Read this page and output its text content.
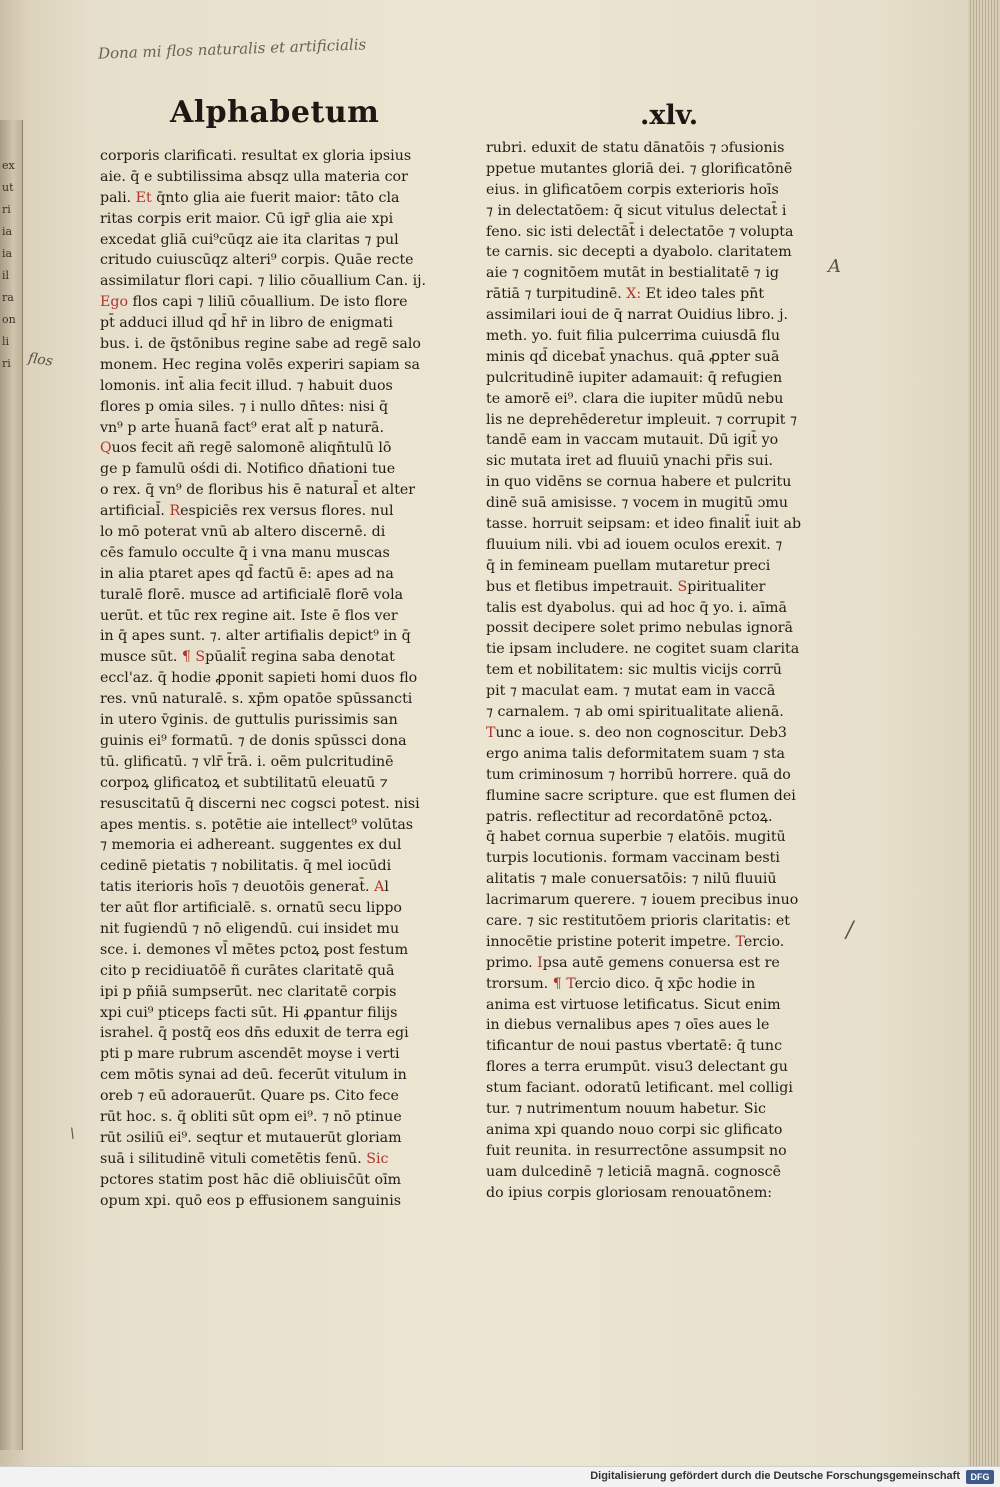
ex
ut
ri
ia
ia
il
ra
on
li
ri
Dona mi flos naturalis et artificialis
Alphabetum	.xlv.
corporis clarificati. resultat ex gloria ipsius
aie. q̄ e subtilissima absqz ulla materia cor
pali. Et q̄nto glia aie fuerit maior: tāto cla
ritas corpis erit maior. Cū igr̄ glia aie xpi
excedat gliā cui⁹cūqz aie ita claritas ⁊ pul
critudo cuiuscūqz alteri⁹ corpis. Quāe recte
assimilatur flori capi. ⁊ lilio cōuallium Can. ij.
Ego flos capi ⁊ liliū cōuallium. De isto flore
pt̄ adduci illud qd̄ hr̄ in libro de enigmati
bus. i. de q̄stōnibus regine sabe ad regē salo
monem. Hec regina volēs experiri sapiam sa
lomonis. int̄ alia fecit illud. ⁊ habuit duos
flores p omia siles. ⁊ i nullo dn̄tes: nisi q̄
vn⁹ p arte h̄uanā fact⁹ erat alt̄ p naturā.
Quos fecit añ regē salomonē aliqn̄tulū lō
ge p famulū ośdi di. Notifico dn̄ationi tue
o rex. q̄ vn⁹ de floribus his ē natural̄ et alter
artificial̄. Respiciēs rex versus flores. nul
lo mō poterat vnū ab altero discernē. di
cēs famulo occulte q̄ i vna manu muscas
in alia ptaret apes qd̄ factū ē: apes ad na
turalē florē. musce ad artificialē florē vola
uerūt. et tūc rex regine ait. Iste ē flos ver
in q̄ apes sunt. ⁊. alter artifialis depict⁹ in q̄
musce sūt. ¶ Spūalit̄ regina saba denotat
eccl'az. q̄ hodie ꝓponit sapieti homi duos flo
res. vnū naturalē. s. xp̄m opatōe spūssancti
in utero v̄ginis. de guttulis purissimis san
guinis ei⁹ formatū. ⁊ de donis spūssci dona
tū. glificatū. ⁊ vlr̄ t̄rā. i. oēm pulcritudinē
corpoꝝ glificatoꝝ et subtilitatū eleuatū ⁊
resuscitatū q̄ discerni nec cogsci potest. nisi
apes mentis. s. potētie aie intellect⁹ volūtas
⁊ memoria ei adhereant. suggentes ex dul
cedinē pietatis ⁊ nobilitatis. q̄ mel iocūdi
tatis iterioris hoīs ⁊ deuotōis generat̄. Al
ter aūt flor artificialē. s. ornatū secu lippo
nit fugiendū ⁊ nō eligendū. cui insidet mu
sce. i. demones vl̄ mētes pctoꝝ post festum
cito p recidiuatōē ñ curātes claritatē quā
ipi p pñiā sumpserūt. nec claritatē corpis
xpi cui⁹ pticeps facti sūt. Hi ꝓpantur filijs
israhel. q̄ postq̄ eos dn̄s eduxit de terra egi
pti p mare rubrum ascendēt moyse i verti
cem mōtis synai ad deū. fecerūt vitulum in
oreb ⁊ eū adorauerūt. Quare ps. Cito fece
rūt hoc. s. q̄ obliti sūt opm ei⁹. ⁊ nō ptinue
rūt ɔsiliū ei⁹. seqtur et mutauerūt gloriam
suā i silitudinē vituli cometētis fenū. Sic
pctores statim post hāc diē obliuisc̄ūt oīm
opum xpi. quō eos p effusionem sanguinis
rubri. eduxit de statu dānatōis ⁊ ɔfusionis
ppetue mutantes gloriā dei. ⁊ glorificatōnē
eius. in glificatōem corpis exterioris hoīs
⁊ in delectatōem: q̄ sicut vitulus delectat̄ i
feno. sic isti delectāt̄ i delectatōe ⁊ volupta
te carnis. sic decepti a dyabolo. claritatem
aie ⁊ cognitōem mutāt in bestialitatē ⁊ ig
rātiā ⁊ turpitudinē. X: Et ideo tales pn̄t
assimilari ioui de q̄ narrat Ouidius libro. j.
meth. yo. fuit filia pulcerrima cuiusdā flu
minis qd̄ dicebat̄ ynachus. quā ꝓpter suā
pulcritudinē iupiter adamauit: q̄ refugien
te amorē ei⁹. clara die iupiter mūdū nebu
lis ne deprehēderetur impleuit. ⁊ corrupit ⁊
tandē eam in vaccam mutauit. Dū igit̄ yo
sic mutata iret ad fluuiū ynachi pr̄is sui.
in quo vidēns se cornua habere et pulcritu
dinē suā amisisse. ⁊ vocem in mugitū ɔmu
tasse. horruit seipsam: et ideo finalit̄ iuit ab
fluuium nili. vbi ad iouem oculos erexit. ⁊
q̄ in femineam puellam mutaretur preci
bus et fletibus impetrauit. Spiritualiter
talis est dyabolus. qui ad hoc q̄ yo. i. aīmā
possit decipere solet primo nebulas ignorā
tie ipsam includere. ne cogitet suam clarita
tem et nobilitatem: sic multis vicijs corrū
pit ⁊ maculat eam. ⁊ mutat eam in vaccā
⁊ carnalem. ⁊ ab omi spiritualitate alienā.
Tunc a ioue. s. deo non cognoscitur. Deb3
ergo anima talis deformitatem suam ⁊ sta
tum criminosum ⁊ horribū horrere. quā do
flumine sacre scripture. que est flumen dei
patris. reflectitur ad recordatōnē pctoꝝ.
q̄ habet cornua superbie ⁊ elatōis. mugitū
turpis locutionis. formam vaccinam besti
alitatis ⁊ male conuersatōis: ⁊ nilū fluuiū
lacrimarum querere. ⁊ iouem precibus inuo
care. ⁊ sic restitutōem prioris claritatis: et
innocētie pristine poterit impetre. Tercio.
primo. Ipsa autē gemens conuersa est re
trorsum. ¶ Tercio dico. q̄ xp̄c hodie in
anima est virtuose letificatus. Sicut enim
in diebus vernalibus apes ⁊ oīes aues le
tificantur de noui pastus vbertatē: q̄ tunc
flores a terra erumpūt. visu3 delectant gu
stum faciant. odoratū letificant. mel colligi
tur. ⁊ nutrimentum nouum habetur. Sic
anima xpi quando nouo corpi sic glificato
fuit reunita. in resurrectōne assumpsit no
uam dulcedinē ⁊ leticiā magnā. cognoscē
do ipius corpis gloriosam renouatōnem:
flos
A
/
\
Digitalisierung gefördert durch die Deutsche Forschungsgemeinschaft	DFG
